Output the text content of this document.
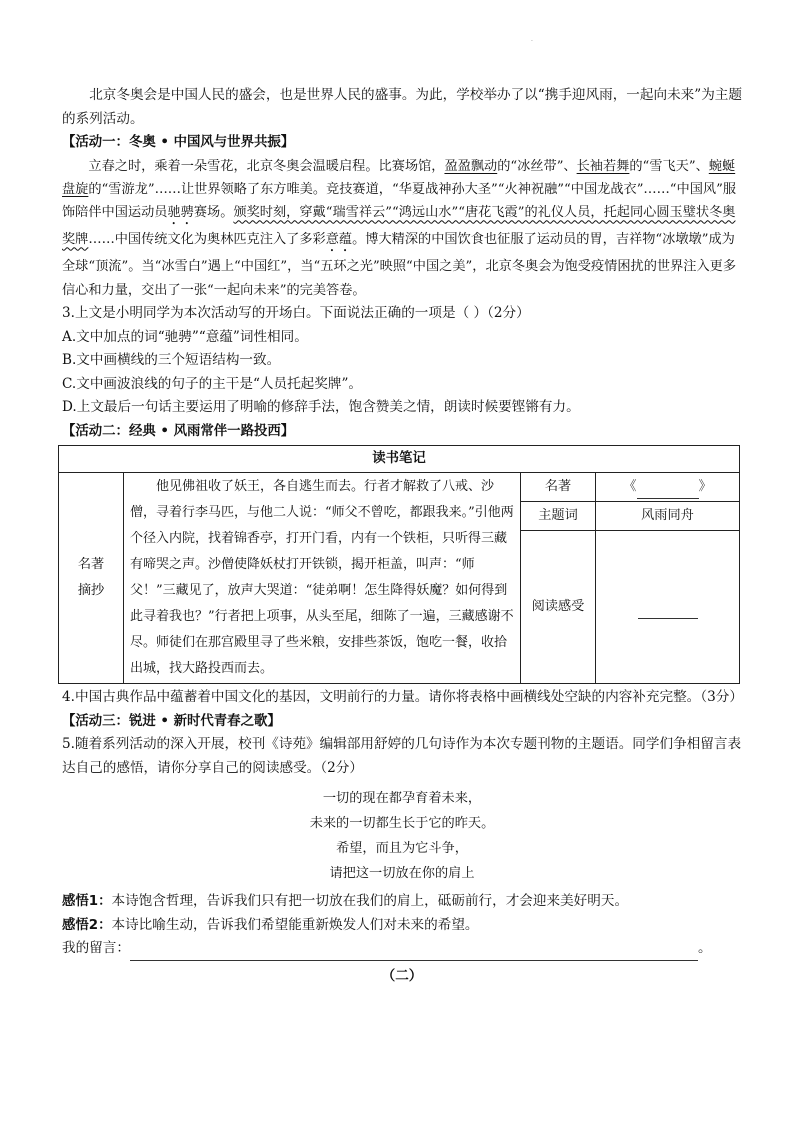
.

北京冬奥会是中国人民的盛会，也是世界人民的盛事。为此，学校举办了以“携手迎风雨，一起向未来”为主题的系列活动。

【活动一：冬奥 • 中国风与世界共振】

立春之时，乘着一朵雪花，北京冬奥会温暖启程。比赛场馆，盈盈飘动的“冰丝带”、长袖若舞的“雪飞天”、蜿蜒盘旋的“雪游龙”……让世界领略了东方唯美。竞技赛道，“华夏战神孙大圣”“火神祝融”“中国龙战衣”……“中国风”服饰陪伴中国运动员驰骋赛场。颁奖时刻，穿戴“瑞雪祥云”“鸿远山水”“唐花飞霞”的礼仪人员，托起同心圆玉璧状冬奥奖牌……中国传统文化为奥林匹克注入了多彩意蕴。博大精深的中国饮食也征服了运动员的胃，吉祥物“冰墩墩”成为全球“顶流”。当“冰雪白”遇上“中国红”，当“五环之光”映照“中国之美”，北京冬奥会为饱受疫情困扰的世界注入更多信心和力量，交出了一张“一起向未来”的完美答卷。

3.上文是小明同学为本次活动写的开场白。下面说法正确的一项是（ ）（2分）

A.文中加点的词“驰骋”“意蕴”词性相同。

B.文中画横线的三个短语结构一致。

C.文中画波浪线的句子的主干是“人员托起奖牌”。

D.上文最后一句话主要运用了明喻的修辞手法，饱含赞美之情，朗读时候要铿锵有力。

【活动二：经典 • 风雨常伴一路投西】

读书笔记			

名著摘抄	他见佛祖收了妖王，各自逃生而去。行者才解救了八戒、沙僧，寻着行李马匹，与他二人说：“师父不曾吃，都跟我来。”引他两个径入内院，找着锦香亭，打开门看，内有一个铁柜，只听得三藏有啼哭之声。沙僧使降妖杖打开铁锁，揭开柜盖，叫声：“师父！”三藏见了，放声大哭道：“徒弟啊！怎生降得妖魔？如何得到此寻着我也？”行者把上项事，从头至尾，细陈了一遍，三藏感谢不尽。师徒们在那宫殿里寻了些米粮，安排些茶饭，饱吃一餐，收拾出城，找大路投西而去。	名著	《 》
		主题词	风雨同舟
		阅读感受	

4.中国古典作品中蕴蓄着中国文化的基因，文明前行的力量。请你将表格中画横线处空缺的内容补充完整。（3分）

【活动三：锐进 • 新时代青春之歌】

5.随着系列活动的深入开展，校刊《诗苑》编辑部用舒婷的几句诗作为本次专题刊物的主题语。同学们争相留言表达自己的感悟，请你分享自己的阅读感受。（2分）

一切的现在都孕育着未来，

未来的一切都生长于它的昨天。

希望，而且为它斗争，

请把这一切放在你的肩上

感悟1：本诗饱含哲理，告诉我们只有把一切放在我们的肩上，砥砺前行，才会迎来美好明天。

感悟2：本诗比喻生动，告诉我们希望能重新焕发人们对未来的希望。

我的留言：	。

（二）
